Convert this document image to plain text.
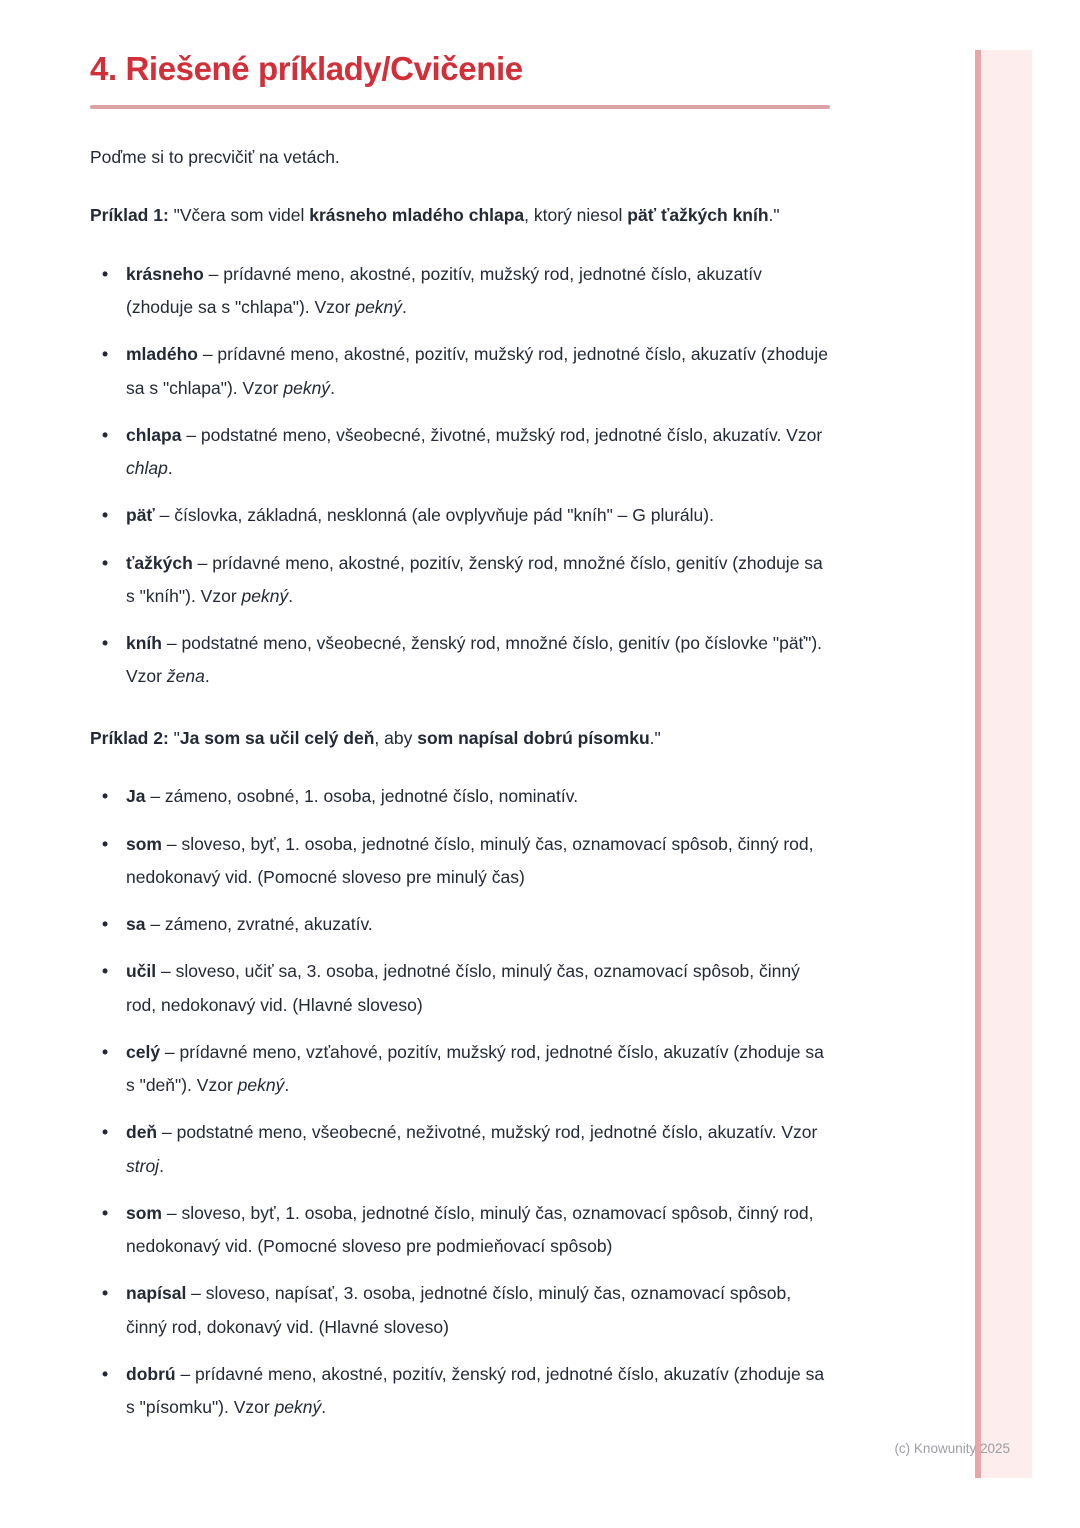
4. Riešené príklady/Cvičenie

Poďme si to precvičiť na vetách.

Príklad 1: "Včera som videl krásneho mladého chlapa, ktorý niesol päť ťažkých kníh."

• krásneho – prídavné meno, akostné, pozitív, mužský rod, jednotné číslo, akuzatív (zhoduje sa s "chlapa"). Vzor pekný.
• mladého – prídavné meno, akostné, pozitív, mužský rod, jednotné číslo, akuzatív (zhoduje sa s "chlapa"). Vzor pekný.
• chlapa – podstatné meno, všeobecné, životné, mužský rod, jednotné číslo, akuzatív. Vzor chlap.
• päť – číslovka, základná, nesklonná (ale ovplyvňuje pád "kníh" – G plurálu).
• ťažkých – prídavné meno, akostné, pozitív, ženský rod, množné číslo, genitív (zhoduje sa s "kníh"). Vzor pekný.
• kníh – podstatné meno, všeobecné, ženský rod, množné číslo, genitív (po číslovke "päť"). Vzor žena.

Príklad 2: "Ja som sa učil celý deň, aby som napísal dobrú písomku."

• Ja – zámeno, osobné, 1. osoba, jednotné číslo, nominatív.
• som – sloveso, byť, 1. osoba, jednotné číslo, minulý čas, oznamovací spôsob, činný rod, nedokonavý vid. (Pomocné sloveso pre minulý čas)
• sa – zámeno, zvratné, akuzatív.
• učil – sloveso, učiť sa, 3. osoba, jednotné číslo, minulý čas, oznamovací spôsob, činný rod, nedokonavý vid. (Hlavné sloveso)
• celý – prídavné meno, vzťahové, pozitív, mužský rod, jednotné číslo, akuzatív (zhoduje sa s "deň"). Vzor pekný.
• deň – podstatné meno, všeobecné, neživotné, mužský rod, jednotné číslo, akuzatív. Vzor stroj.
• som – sloveso, byť, 1. osoba, jednotné číslo, minulý čas, oznamovací spôsob, činný rod, nedokonavý vid. (Pomocné sloveso pre podmieňovací spôsob)
• napísal – sloveso, napísať, 3. osoba, jednotné číslo, minulý čas, oznamovací spôsob, činný rod, dokonavý vid. (Hlavné sloveso)
• dobrú – prídavné meno, akostné, pozitív, ženský rod, jednotné číslo, akuzatív (zhoduje sa s "písomku"). Vzor pekný.
(c) Knowunity 2025
